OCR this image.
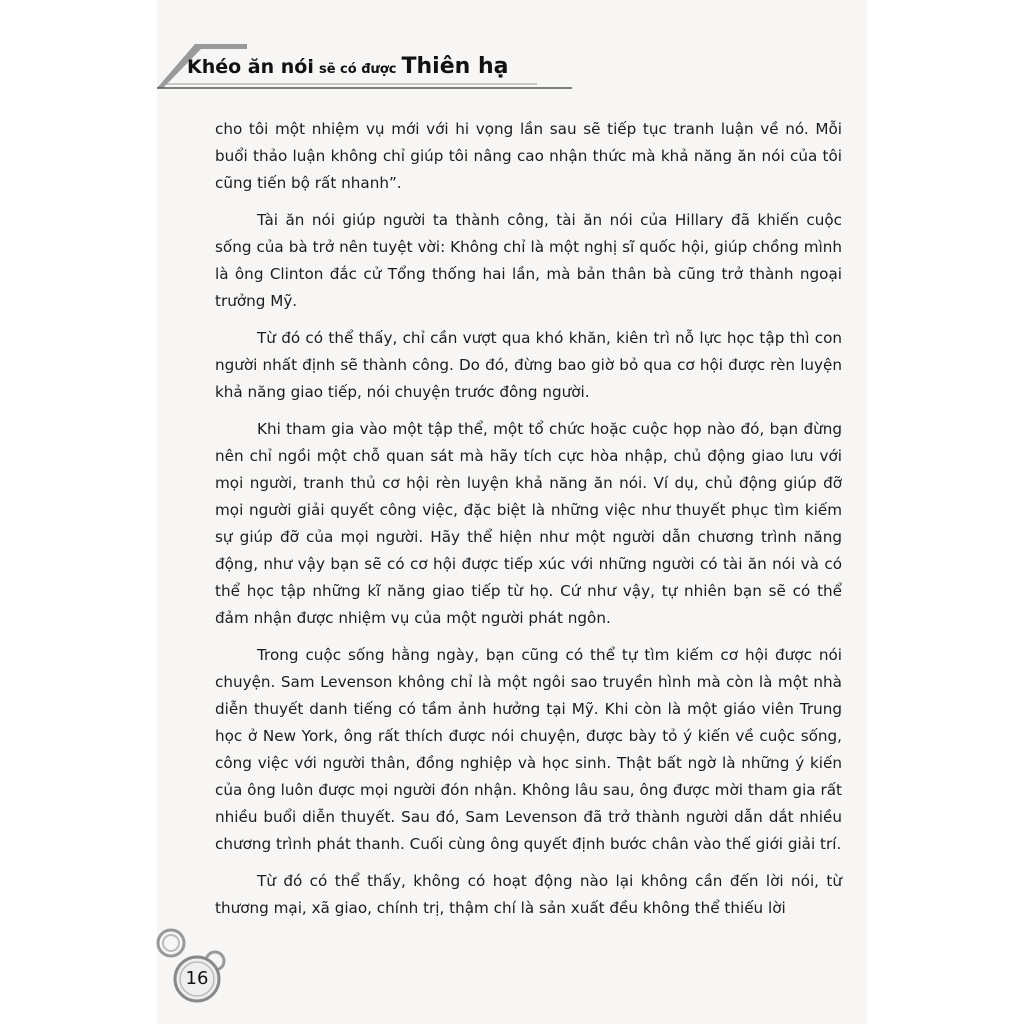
Khéo ăn nói sẽ có được Thiên hạ

cho tôi một nhiệm vụ mới với hi vọng lần sau sẽ tiếp tục tranh luận về nó. Mỗi buổi thảo luận không chỉ giúp tôi nâng cao nhận thức mà khả năng ăn nói của tôi cũng tiến bộ rất nhanh”.

Tài ăn nói giúp người ta thành công, tài ăn nói của Hillary đã khiến cuộc sống của bà trở nên tuyệt vời: Không chỉ là một nghị sĩ quốc hội, giúp chồng mình là ông Clinton đắc cử Tổng thống hai lần, mà bản thân bà cũng trở thành ngoại trưởng Mỹ.

Từ đó có thể thấy, chỉ cần vượt qua khó khăn, kiên trì nỗ lực học tập thì con người nhất định sẽ thành công. Do đó, đừng bao giờ bỏ qua cơ hội được rèn luyện khả năng giao tiếp, nói chuyện trước đông người.

Khi tham gia vào một tập thể, một tổ chức hoặc cuộc họp nào đó, bạn đừng nên chỉ ngồi một chỗ quan sát mà hãy tích cực hòa nhập, chủ động giao lưu với mọi người, tranh thủ cơ hội rèn luyện khả năng ăn nói. Ví dụ, chủ động giúp đỡ mọi người giải quyết công việc, đặc biệt là những việc như thuyết phục tìm kiếm sự giúp đỡ của mọi người. Hãy thể hiện như một người dẫn chương trình năng động, như vậy bạn sẽ có cơ hội được tiếp xúc với những người có tài ăn nói và có thể học tập những kĩ năng giao tiếp từ họ. Cứ như vậy, tự nhiên bạn sẽ có thể đảm nhận được nhiệm vụ của một người phát ngôn.

Trong cuộc sống hằng ngày, bạn cũng có thể tự tìm kiếm cơ hội được nói chuyện. Sam Levenson không chỉ là một ngôi sao truyền hình mà còn là một nhà diễn thuyết danh tiếng có tầm ảnh hưởng tại Mỹ. Khi còn là một giáo viên Trung học ở New York, ông rất thích được nói chuyện, được bày tỏ ý kiến về cuộc sống, công việc với người thân, đồng nghiệp và học sinh. Thật bất ngờ là những ý kiến của ông luôn được mọi người đón nhận. Không lâu sau, ông được mời tham gia rất nhiều buổi diễn thuyết. Sau đó, Sam Levenson đã trở thành người dẫn dắt nhiều chương trình phát thanh. Cuối cùng ông quyết định bước chân vào thế giới giải trí.

Từ đó có thể thấy, không có hoạt động nào lại không cần đến lời nói, từ thương mại, xã giao, chính trị, thậm chí là sản xuất đều không thể thiếu lời

16
